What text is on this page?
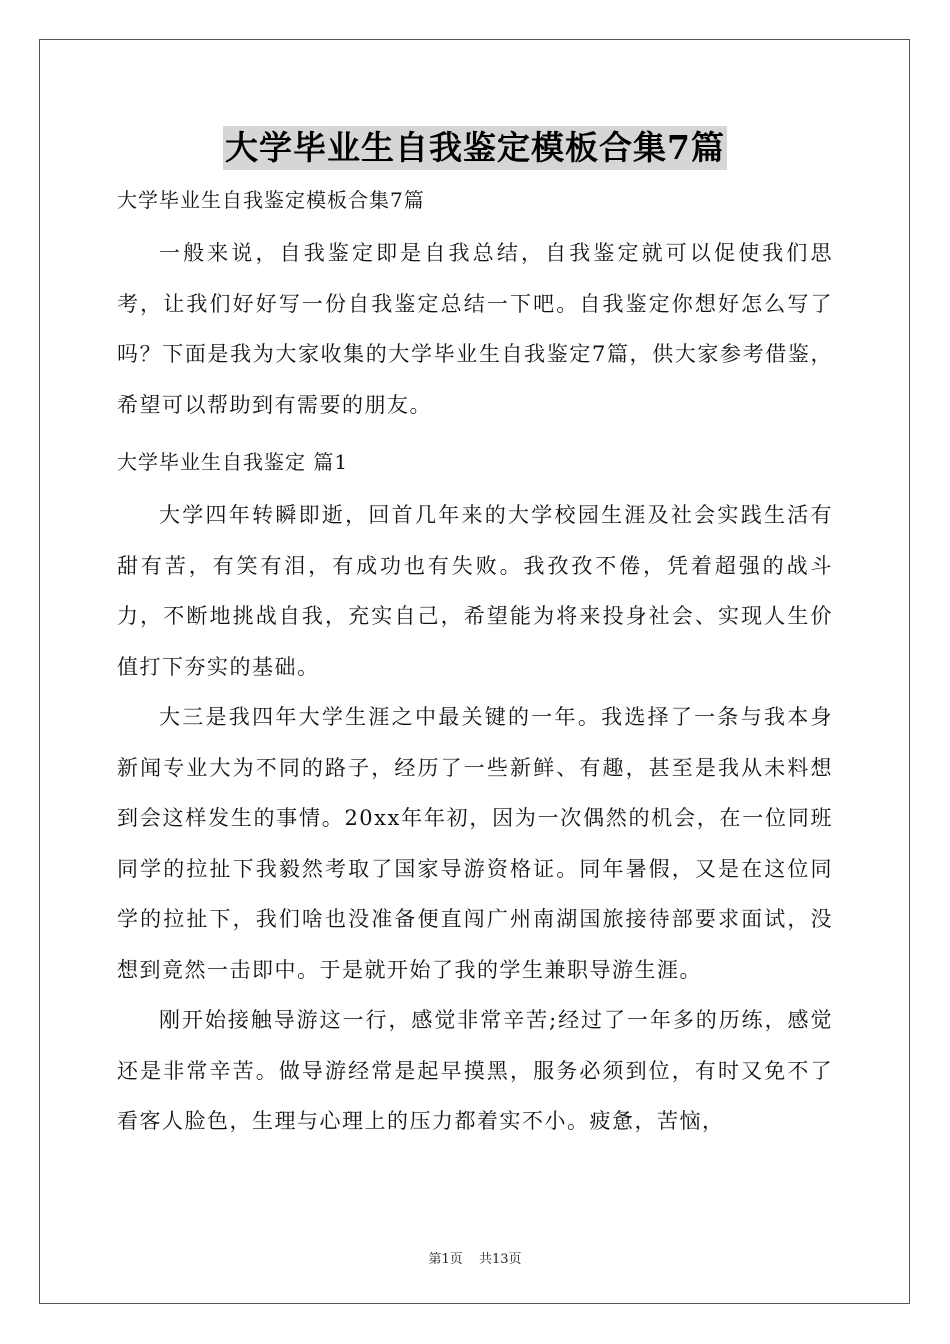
大学毕业生自我鉴定模板合集7篇
大学毕业生自我鉴定模板合集7篇

一般来说，自我鉴定即是自我总结，自我鉴定就可以促使我们思考，让我们好好写一份自我鉴定总结一下吧。自我鉴定你想好怎么写了吗？下面是我为大家收集的大学毕业生自我鉴定7篇，供大家参考借鉴，希望可以帮助到有需要的朋友。

大学毕业生自我鉴定 篇1

大学四年转瞬即逝，回首几年来的大学校园生涯及社会实践生活有甜有苦，有笑有泪，有成功也有失败。我孜孜不倦，凭着超强的战斗力，不断地挑战自我，充实自己，希望能为将来投身社会、实现人生价值打下夯实的基础。

大三是我四年大学生涯之中最关键的一年。我选择了一条与我本身新闻专业大为不同的路子，经历了一些新鲜、有趣，甚至是我从未料想到会这样发生的事情。20xx年年初，因为一次偶然的机会，在一位同班同学的拉扯下我毅然考取了国家导游资格证。同年暑假，又是在这位同学的拉扯下，我们啥也没准备便直闯广州南湖国旅接待部要求面试，没想到竟然一击即中。于是就开始了我的学生兼职导游生涯。

刚开始接触导游这一行，感觉非常辛苦;经过了一年多的历练，感觉还是非常辛苦。做导游经常是起早摸黑，服务必须到位，有时又免不了看客人脸色，生理与心理上的压力都着实不小。疲惫，苦恼，

第1页 共13页
